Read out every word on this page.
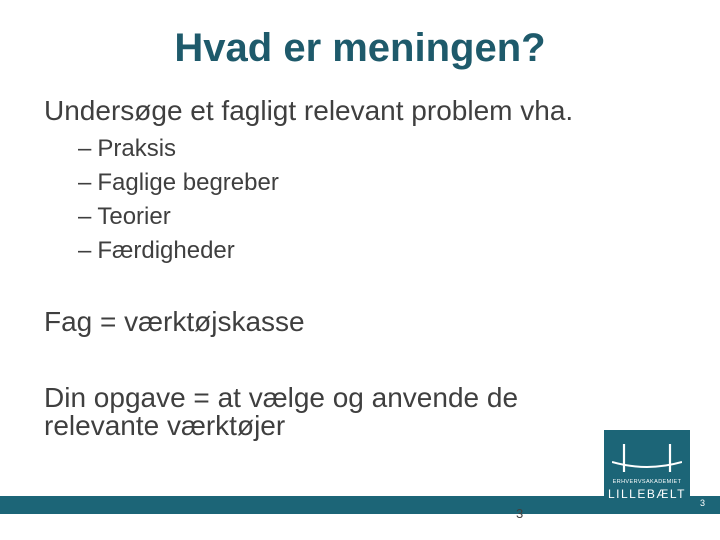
Hvad er meningen?
Undersøge et fagligt relevant problem vha.
– Praksis
– Faglige begreber
– Teorier
– Færdigheder
Fag = værktøjskasse
Din opgave = at vælge og anvende de relevante værktøjer
ERHVERVSAKADEMIET
LILLEBÆLT
3
3
